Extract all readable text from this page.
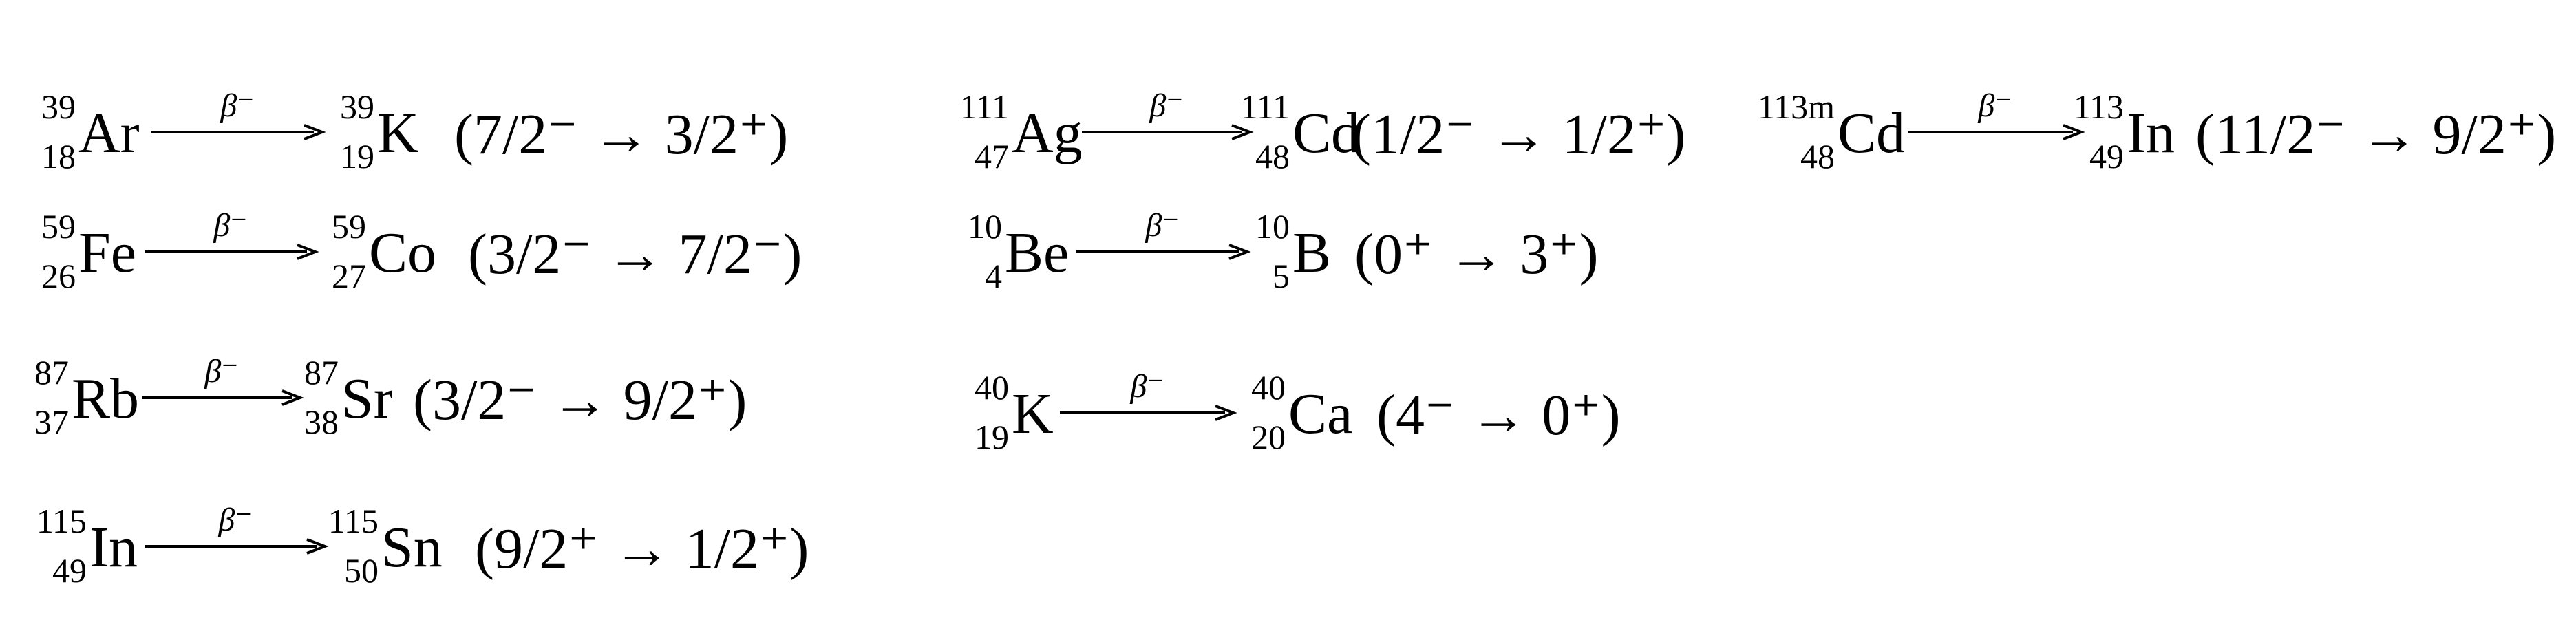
39
18 Ar	β⁻	39
19 K (7/2⁻ → 3/2⁺)	111
47 Ag	β⁻	111
48 Cd
(1/2⁻ → 1/2⁺) 113m
48 Cd	β⁻	113
49 In (11/2⁻ → 9/2⁺)
59
26 Fe	β⁻	59
27 Co (3/2⁻ → 7/2⁻)	10
4 Be	β⁻	10
5 B (0⁺ → 3⁺)
87
37 Rb	β⁻	87
38 Sr (3/2⁻ → 9/2⁺)	40
19 K	β⁻	40
20 Ca (4⁻ → 0⁺)
115
49 In	β⁻	115
50 Sn (9/2⁺ → 1/2⁺)
